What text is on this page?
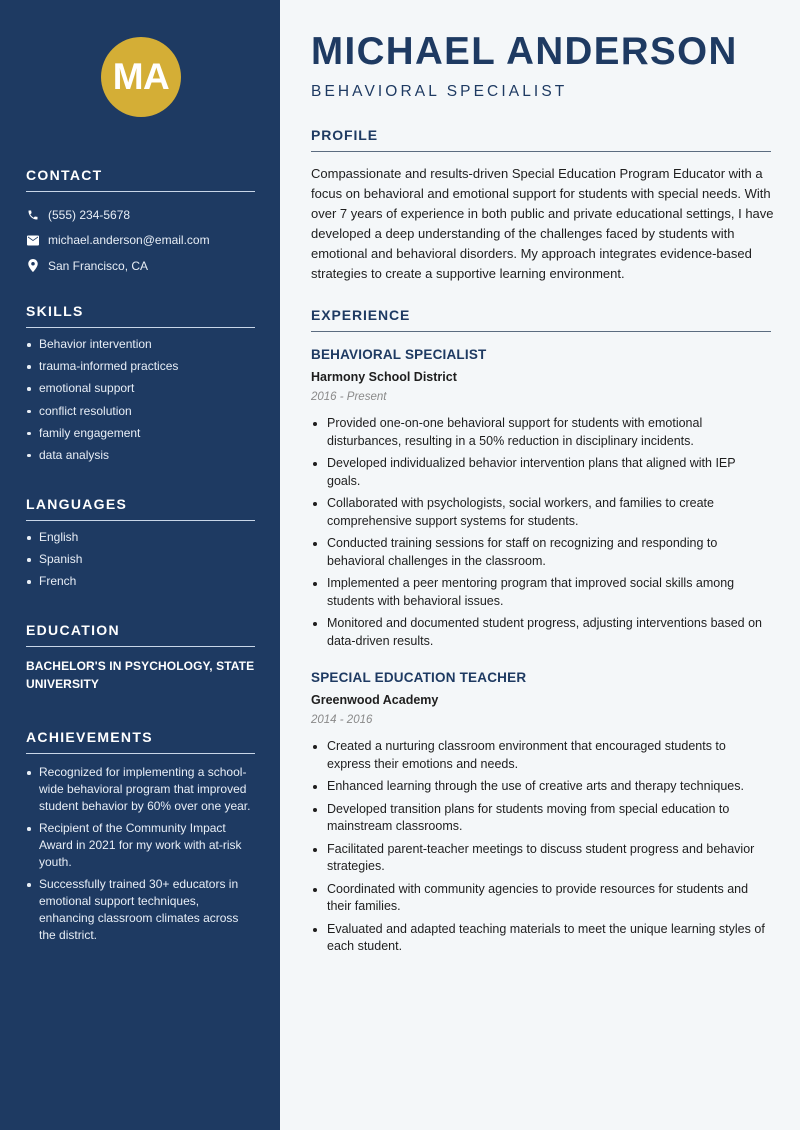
MA
CONTACT
(555) 234-5678
michael.anderson@email.com
San Francisco, CA
SKILLS
Behavior intervention
trauma-informed practices
emotional support
conflict resolution
family engagement
data analysis
LANGUAGES
English
Spanish
French
EDUCATION
BACHELOR'S IN PSYCHOLOGY, STATE UNIVERSITY
ACHIEVEMENTS
Recognized for implementing a school-wide behavioral program that improved student behavior by 60% over one year.
Recipient of the Community Impact Award in 2021 for my work with at-risk youth.
Successfully trained 30+ educators in emotional support techniques, enhancing classroom climates across the district.
MICHAEL ANDERSON
BEHAVIORAL SPECIALIST
PROFILE

Compassionate and results-driven Special Education Program Educator with a focus on behavioral and emotional support for students with special needs. With over 7 years of experience in both public and private educational settings, I have developed a deep understanding of the challenges faced by students with emotional and behavioral disorders. My approach integrates evidence-based strategies to create a supportive learning environment.

EXPERIENCE
BEHAVIORAL SPECIALIST
Harmony School District
2016 - Present
Provided one-on-one behavioral support for students with emotional disturbances, resulting in a 50% reduction in disciplinary incidents.
Developed individualized behavior intervention plans that aligned with IEP goals.
Collaborated with psychologists, social workers, and families to create comprehensive support systems for students.
Conducted training sessions for staff on recognizing and responding to behavioral challenges in the classroom.
Implemented a peer mentoring program that improved social skills among students with behavioral issues.
Monitored and documented student progress, adjusting interventions based on data-driven results.
SPECIAL EDUCATION TEACHER
Greenwood Academy
2014 - 2016
Created a nurturing classroom environment that encouraged students to express their emotions and needs.
Enhanced learning through the use of creative arts and therapy techniques.
Developed transition plans for students moving from special education to mainstream classrooms.
Facilitated parent-teacher meetings to discuss student progress and behavior strategies.
Coordinated with community agencies to provide resources for students and their families.
Evaluated and adapted teaching materials to meet the unique learning styles of each student.
